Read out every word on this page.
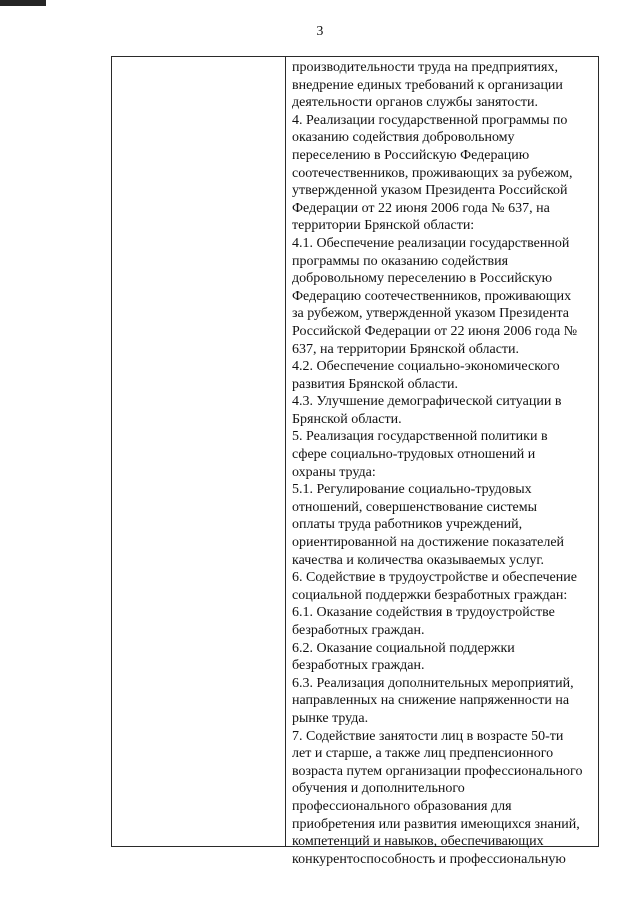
3
производительности труда на предприятиях,
внедрение единых требований к организации
деятельности органов службы занятости.
4. Реализации государственной программы по
оказанию содействия добровольному
переселению в Российскую Федерацию
соотечественников, проживающих за рубежом,
утвержденной указом Президента Российской
Федерации от 22 июня 2006 года № 637, на
территории Брянской области:
4.1. Обеспечение реализации государственной
программы по оказанию содействия
добровольному переселению в Российскую
Федерацию соотечественников, проживающих
за рубежом, утвержденной указом Президента
Российской Федерации от 22 июня 2006 года №
637, на территории Брянской области.
4.2. Обеспечение социально-экономического
развития Брянской области.
4.3. Улучшение демографической ситуации в
Брянской области.
5. Реализация государственной политики в
сфере социально-трудовых отношений и
охраны труда:
5.1. Регулирование социально-трудовых
отношений, совершенствование системы
оплаты труда работников учреждений,
ориентированной на достижение показателей
качества и количества оказываемых услуг.
6. Содействие в трудоустройстве и обеспечение
социальной поддержки безработных граждан:
6.1. Оказание содействия в трудоустройстве
безработных граждан.
6.2. Оказание социальной поддержки
безработных граждан.
6.3. Реализация дополнительных мероприятий,
направленных на снижение напряженности на
рынке труда.
7. Содействие занятости лиц в возрасте 50-ти
лет и старше, а также лиц предпенсионного
возраста путем организации профессионального
обучения и дополнительного
профессионального образования для
приобретения или развития имеющихся знаний,
компетенций и навыков, обеспечивающих
конкурентоспособность и профессиональную
